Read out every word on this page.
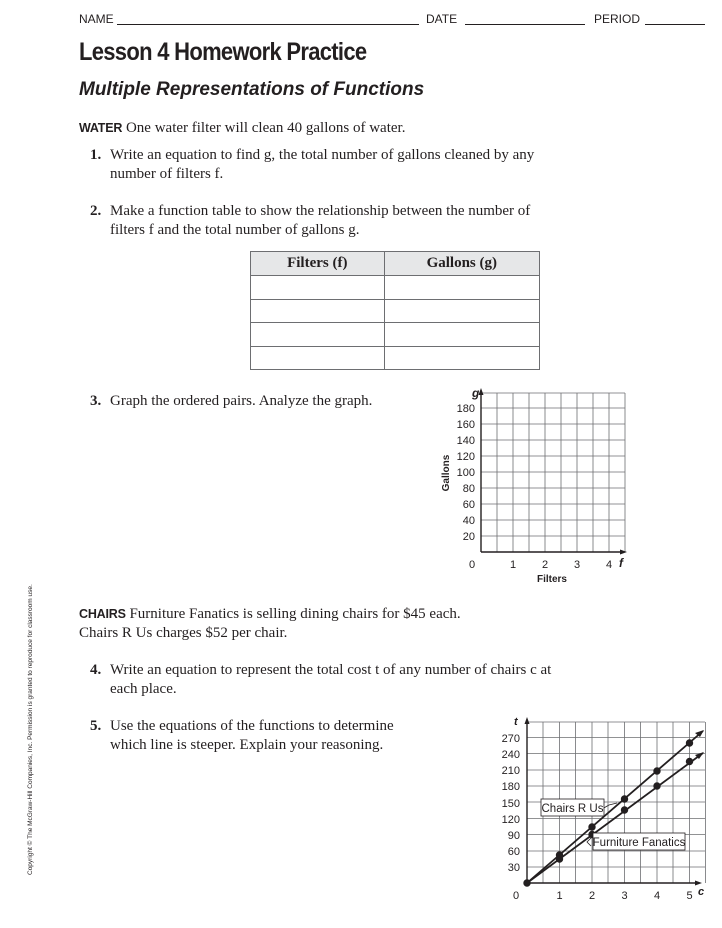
NAME	DATE	PERIOD
Lesson 4 Homework Practice
Multiple Representations of Functions
WATER One water filter will clean 40 gallons of water.
1. Write an equation to find g, the total number of gallons cleaned by any
number of filters f.
2. Make a function table to show the relationship between the number of
filters f and the total number of gallons g.
Filters (f)	Gallons (g)

3. Graph the ordered pairs. Analyze the graph.	180
160
140
120
100
80
60
40
20
0	1 2 3 4
g
f
Filters
Gallons
CHAIRS Furniture Fanatics is selling dining chairs for $45 each.
Chairs R Us charges $52 per chair.
4. Write an equation to represent the total cost t of any number of chairs c at
each place.
5. Use the equations of the functions to determine
which line is steeper. Explain your reasoning.
Chairs R Us
Furniture Fanatics
270
240
210
180
150
120
90
60
30
0	1 2 3 4 5
t
c
Copyright © The McGraw-Hill Companies, Inc. Permission is granted to reproduce for classroom use.
